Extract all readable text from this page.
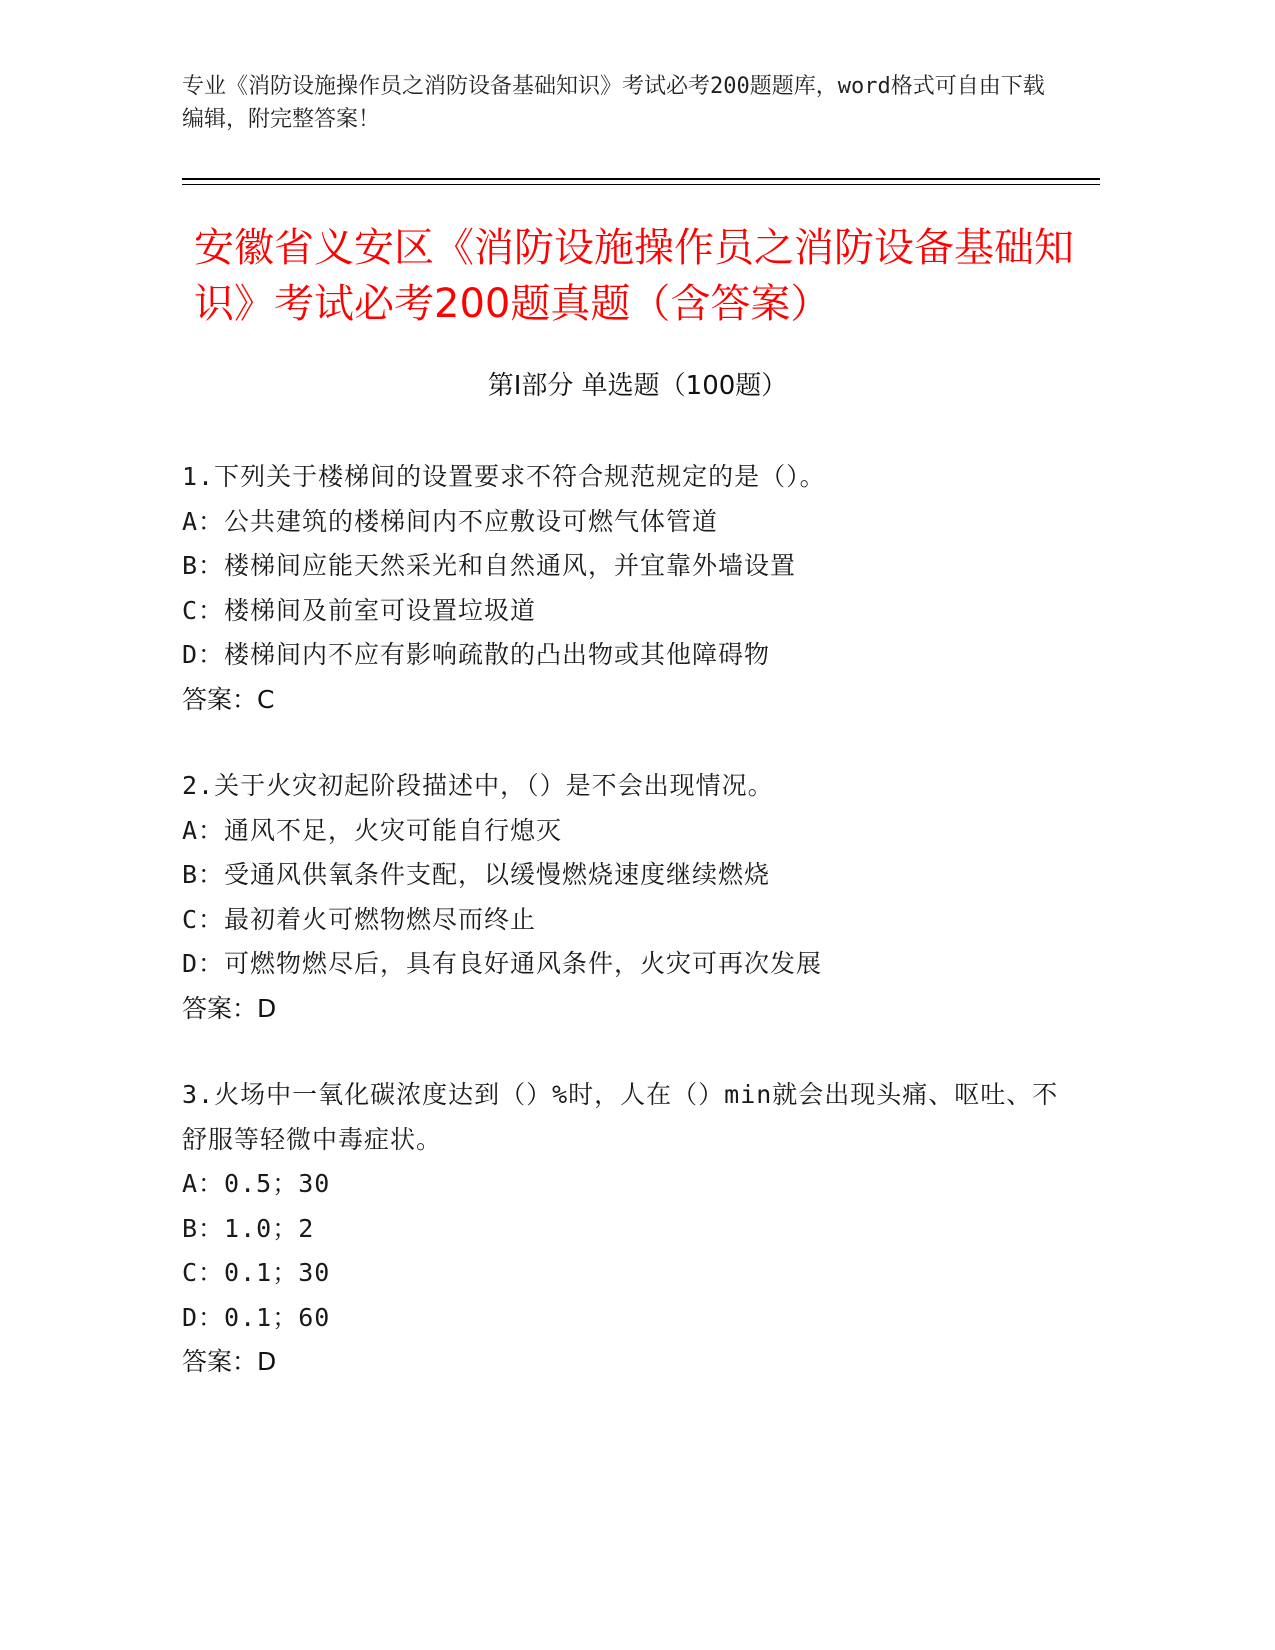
专业《消防设施操作员之消防设备基础知识》考试必考200题题库，word格式可自由下载编辑，附完整答案！
安徽省义安区《消防设施操作员之消防设备基础知识》考试必考200题真题（含答案）
第I部分 单选题（100题）
1.下列关于楼梯间的设置要求不符合规范规定的是（）。
A：公共建筑的楼梯间内不应敷设可燃气体管道
B：楼梯间应能天然采光和自然通风，并宜靠外墙设置
C：楼梯间及前室可设置垃圾道
D：楼梯间内不应有影响疏散的凸出物或其他障碍物
答案：C
2.关于火灾初起阶段描述中，（）是不会出现情况。
A：通风不足，火灾可能自行熄灭
B：受通风供氧条件支配，以缓慢燃烧速度继续燃烧
C：最初着火可燃物燃尽而终止
D：可燃物燃尽后，具有良好通风条件，火灾可再次发展
答案：D
3.火场中一氧化碳浓度达到（）%时，人在（）min就会出现头痛、呕吐、不舒服等轻微中毒症状。
A：0.5；30
B：1.0；2
C：0.1；30
D：0.1；60
答案：D
